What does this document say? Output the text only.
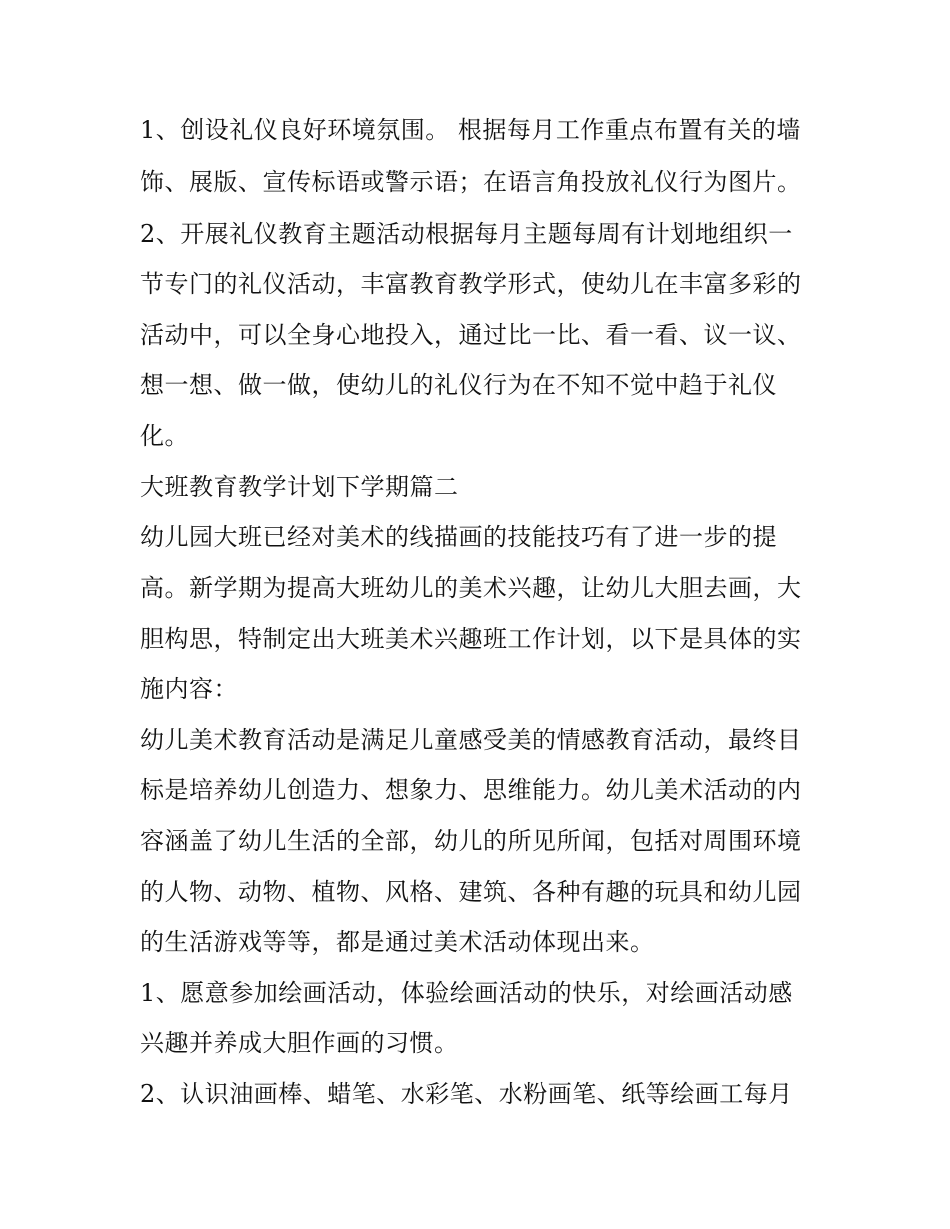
1、创设礼仪良好环境氛围。 根据每月工作重点布置有关的墙
饰、展版、宣传标语或警示语；在语言角投放礼仪行为图片。
2、开展礼仪教育主题活动根据每月主题每周有计划地组织一
节专门的礼仪活动，丰富教育教学形式，使幼儿在丰富多彩的
活动中，可以全身心地投入，通过比一比、看一看、议一议、
想一想、做一做，使幼儿的礼仪行为在不知不觉中趋于礼仪
化。
大班教育教学计划下学期篇二
幼儿园大班已经对美术的线描画的技能技巧有了进一步的提
高。新学期为提高大班幼儿的美术兴趣，让幼儿大胆去画，大
胆构思，特制定出大班美术兴趣班工作计划，以下是具体的实
施内容：
幼儿美术教育活动是满足儿童感受美的情感教育活动，最终目
标是培养幼儿创造力、想象力、思维能力。幼儿美术活动的内
容涵盖了幼儿生活的全部，幼儿的所见所闻，包括对周围环境
的人物、动物、植物、风格、建筑、各种有趣的玩具和幼儿园
的生活游戏等等，都是通过美术活动体现出来。
1、愿意参加绘画活动，体验绘画活动的快乐，对绘画活动感
兴趣并养成大胆作画的习惯。
2、认识油画棒、蜡笔、水彩笔、水粉画笔、纸等绘画工每月
